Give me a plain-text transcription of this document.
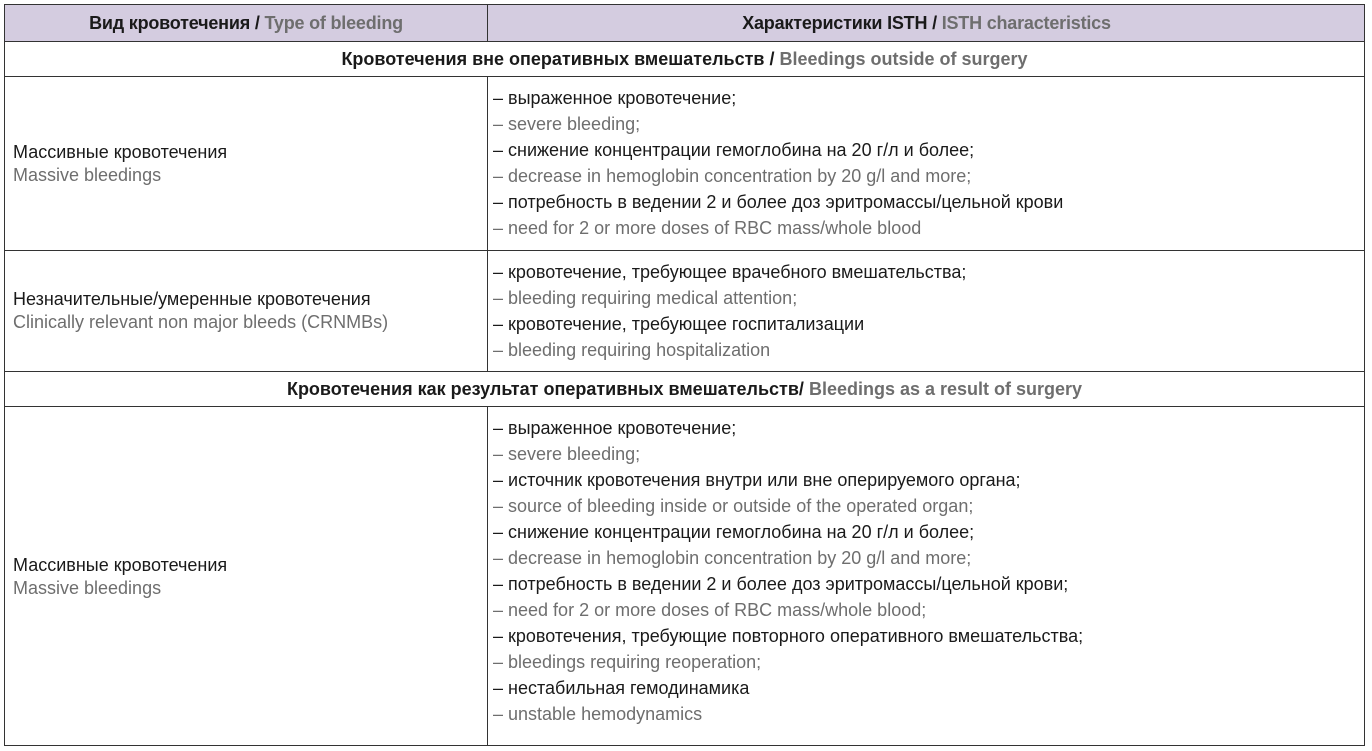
Вид кровотечения /
Type of bleeding	Характеристики ISTH /
ISTH characteristics
Кровотечения вне оперативных вмешательств /
Bleedings outside of surgery
Массивные кровотечения
Massive bleedings
– выраженное кровотечение;
– severe bleeding;
– снижение концентрации гемоглобина на 20 г/л и более;
– decrease in hemoglobin concentration by 20 g/l and more;
– потребность в ведении 2 и более доз эритромассы/цельной крови
– need for 2 or more doses of RBC mass/whole blood
Незначительные/умеренные кровотечения
Clinically relevant non major bleeds (CRNMBs)
– кровотечение, требующее врачебного вмешательства;
– bleeding requiring medical attention;
– кровотечение, требующее госпитализации
– bleeding requiring hospitalization
Кровотечения как результат оперативных вмешательств/
Bleedings as a result of surgery
Массивные кровотечения
Massive bleedings
– выраженное кровотечение;
– severe bleeding;
– источник кровотечения внутри или вне оперируемого органа;
– source of bleeding inside or outside of the operated organ;
– снижение концентрации гемоглобина на 20 г/л и более;
– decrease in hemoglobin concentration by 20 g/l and more;
– потребность в ведении 2 и более доз эритромассы/цельной крови;
– need for 2 or more doses of RBC mass/whole blood;
– кровотечения, требующие повторного оперативного вмешательства;
– bleedings requiring reoperation;
– нестабильная гемодинамика
– unstable hemodynamics
